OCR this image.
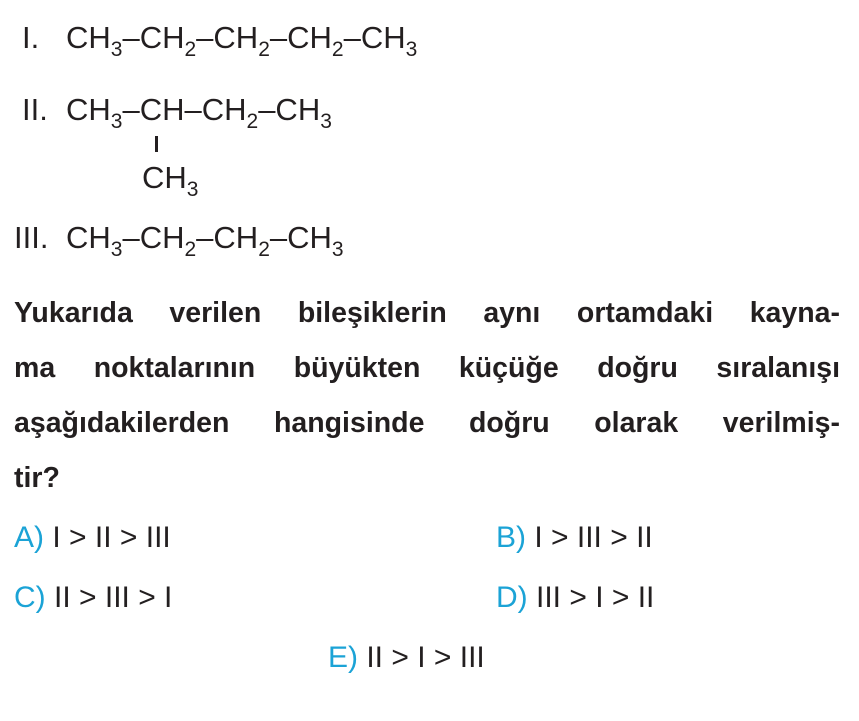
I. $CH_3-CH_2-CH_2-CH_2-CH_3$
II. $CH_3-CH-CH_2-CH_3$
$CH_3$
III. $CH_3-CH_2-CH_2-CH_3$
Yukarıda verilen bileşiklerin aynı ortamdaki kayna-
ma noktalarının büyükten küçüğe doğru sıralanışı
aşağıdakilerden hangisinde doğru olarak verilmiş-
tir?
A) I > II > III	B) I > III > II
C) II > III > I	D) III > I > II
E) II > I > III
